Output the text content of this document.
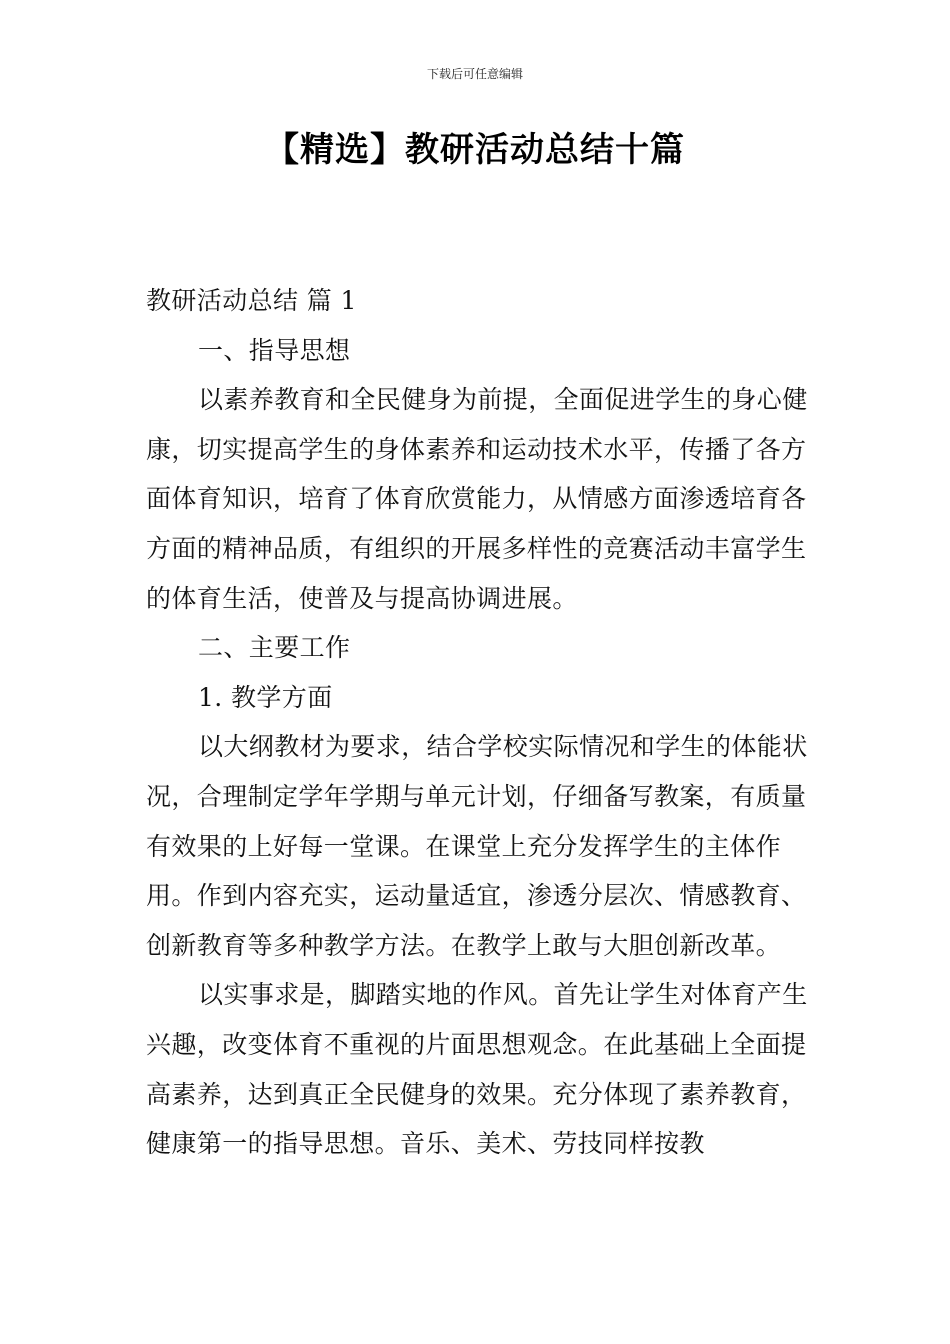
下载后可任意编辑
【精选】教研活动总结十篇

教研活动总结 篇 1

一、指导思想

以素养教育和全民健身为前提，全面促进学生的身心健康，切实提高学生的身体素养和运动技术水平，传播了各方面体育知识，培育了体育欣赏能力，从情感方面渗透培育各方面的精神品质，有组织的开展多样性的竞赛活动丰富学生的体育生活，使普及与提高协调进展。

二、主要工作

1. 教学方面

以大纲教材为要求，结合学校实际情况和学生的体能状况，合理制定学年学期与单元计划，仔细备写教案，有质量有效果的上好每一堂课。在课堂上充分发挥学生的主体作用。作到内容充实，运动量适宜，渗透分层次、情感教育、创新教育等多种教学方法。在教学上敢与大胆创新改革。

以实事求是，脚踏实地的作风。首先让学生对体育产生兴趣，改变体育不重视的片面思想观念。在此基础上全面提高素养，达到真正全民健身的效果。充分体现了素养教育，健康第一的指导思想。音乐、美术、劳技同样按教
